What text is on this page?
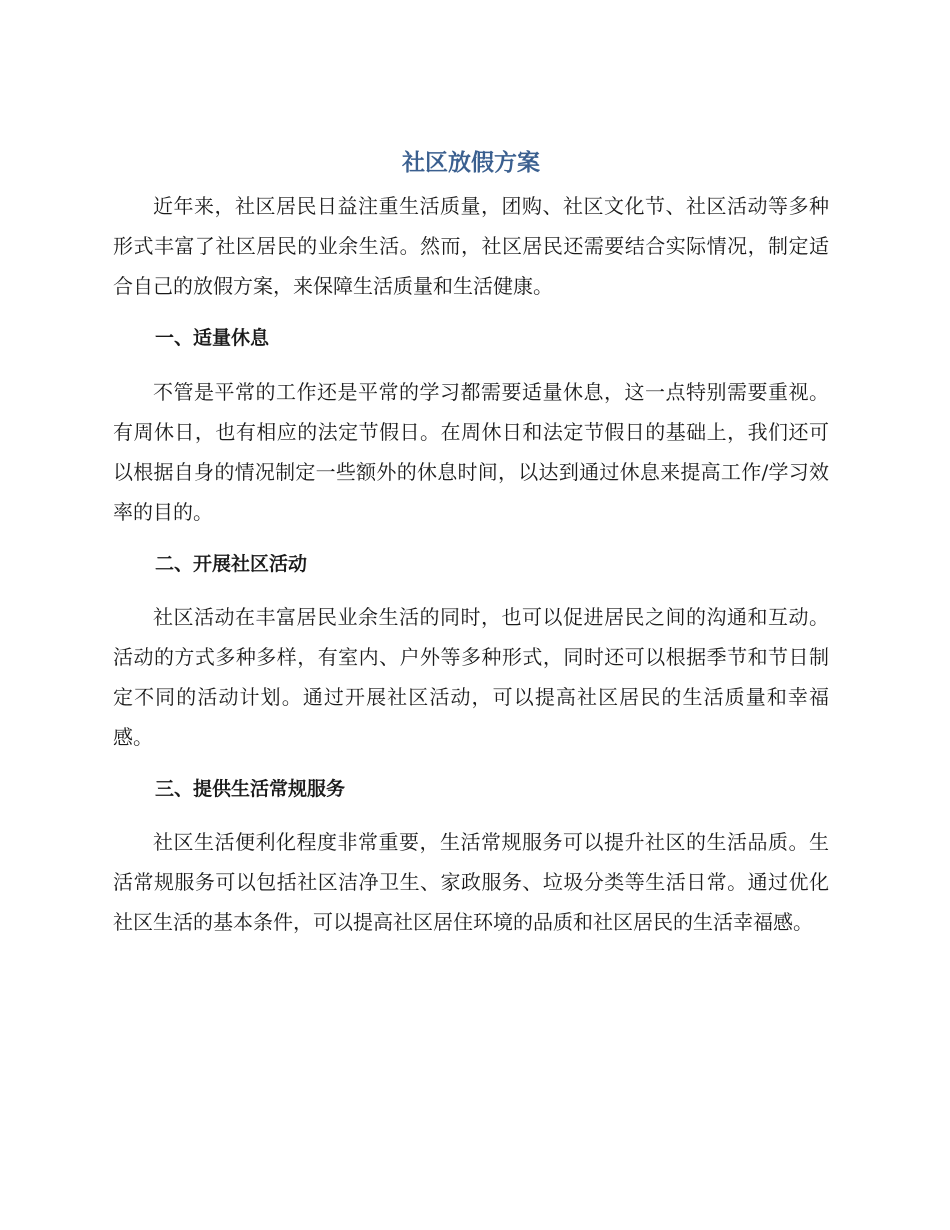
社区放假方案

近年来，社区居民日益注重生活质量，团购、社区文化节、社区活动等多种形式丰富了社区居民的业余生活。然而，社区居民还需要结合实际情况，制定适合自己的放假方案，来保障生活质量和生活健康。

一、适量休息

不管是平常的工作还是平常的学习都需要适量休息，这一点特别需要重视。有周休日，也有相应的法定节假日。在周休日和法定节假日的基础上，我们还可以根据自身的情况制定一些额外的休息时间，以达到通过休息来提高工作/学习效率的目的。

二、开展社区活动

社区活动在丰富居民业余生活的同时，也可以促进居民之间的沟通和互动。活动的方式多种多样，有室内、户外等多种形式，同时还可以根据季节和节日制定不同的活动计划。通过开展社区活动，可以提高社区居民的生活质量和幸福感。

三、提供生活常规服务

社区生活便利化程度非常重要，生活常规服务可以提升社区的生活品质。生活常规服务可以包括社区洁净卫生、家政服务、垃圾分类等生活日常。通过优化社区生活的基本条件，可以提高社区居住环境的品质和社区居民的生活幸福感。
